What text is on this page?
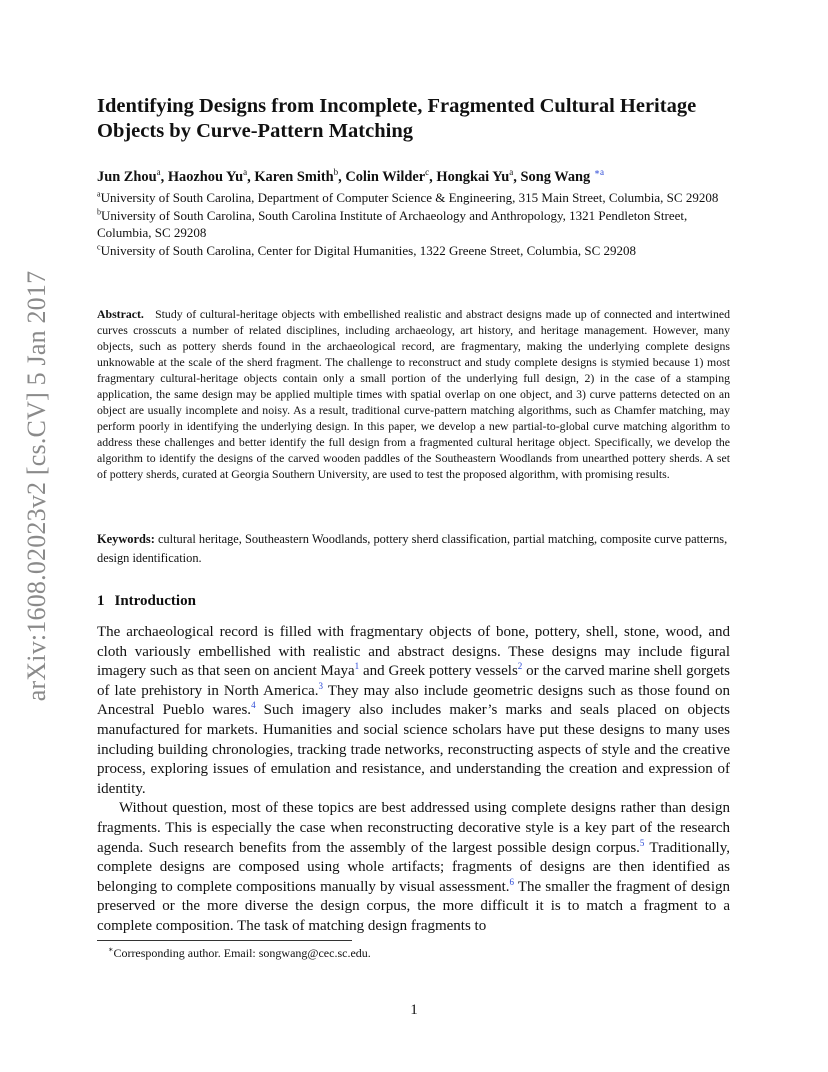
arXiv:1608.02023v2 [cs.CV] 5 Jan 2017
Identifying Designs from Incomplete, Fragmented Cultural Heritage Objects by Curve-Pattern Matching
Jun Zhou$^a$, Haozhou Yu$^a$, Karen Smith$^b$, Colin Wilder$^c$, Hongkai Yu$^a$, Song Wang $^{∗a}$

$^a$University of South Carolina, Department of Computer Science & Engineering, 315 Main Street, Columbia, SC 29208

$^b$University of South Carolina, South Carolina Institute of Archaeology and Anthropology, 1321 Pendleton Street, Columbia, SC 29208

$^c$University of South Carolina, Center for Digital Humanities, 1322 Greene Street, Columbia, SC 29208

Abstract. Study of cultural-heritage objects with embellished realistic and abstract designs made up of connected and intertwined curves crosscuts a number of related disciplines, including archaeology, art history, and heritage management. However, many objects, such as pottery sherds found in the archaeological record, are fragmentary, making the underlying complete designs unknowable at the scale of the sherd fragment. The challenge to reconstruct and study complete designs is stymied because 1) most fragmentary cultural-heritage objects contain only a small portion of the underlying full design, 2) in the case of a stamping application, the same design may be applied multiple times with spatial overlap on one object, and 3) curve patterns detected on an object are usually incomplete and noisy. As a result, traditional curve-pattern matching algorithms, such as Chamfer matching, may perform poorly in identifying the underlying design. In this paper, we develop a new partial-to-global curve matching algorithm to address these challenges and better identify the full design from a fragmented cultural heritage object. Specifically, we develop the algorithm to identify the designs of the carved wooden paddles of the Southeastern Woodlands from unearthed pottery sherds. A set of pottery sherds, curated at Georgia Southern University, are used to test the proposed algorithm, with promising results.

Keywords: cultural heritage, Southeastern Woodlands, pottery sherd classification, partial matching, composite curve patterns, design identification.

1 Introduction

The archaeological record is filled with fragmentary objects of bone, pottery, shell, stone, wood, and cloth variously embellished with realistic and abstract designs. These designs may include figural imagery such as that seen on ancient Maya$^1$ and Greek pottery vessels$^2$ or the carved marine shell gorgets of late prehistory in North America.$^3$ They may also include geometric designs such as those found on Ancestral Pueblo wares.$^4$ Such imagery also includes maker’s marks and seals placed on objects manufactured for markets. Humanities and social science scholars have put these designs to many uses including building chronologies, tracking trade networks, reconstructing aspects of style and the creative process, exploring issues of emulation and resistance, and understanding the creation and expression of identity.

Without question, most of these topics are best addressed using complete designs rather than design fragments. This is especially the case when reconstructing decorative style is a key part of the research agenda. Such research benefits from the assembly of the largest possible design corpus.$^5$ Traditionally, complete designs are composed using whole artifacts; fragments of designs are then identified as belonging to complete compositions manually by visual assessment.$^6$ The smaller the fragment of design preserved or the more diverse the design corpus, the more difficult it is to match a fragment to a complete composition. The task of matching design fragments to

∗Corresponding author. Email: songwang@cec.sc.edu.
1
